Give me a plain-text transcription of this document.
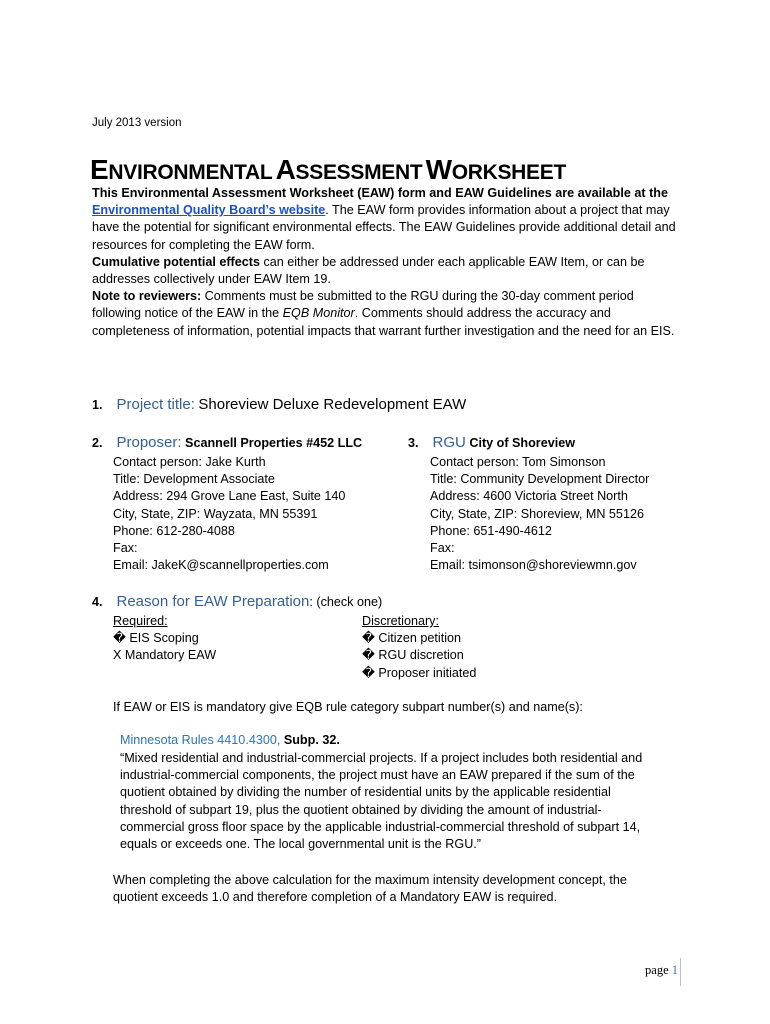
July 2013 version
ENVIRONMENTAL ASSESSMENT WORKSHEET
This Environmental Assessment Worksheet (EAW) form and EAW Guidelines are available at the Environmental Quality Board’s website. The EAW form provides information about a project that may have the potential for significant environmental effects. The EAW Guidelines provide additional detail and resources for completing the EAW form.
Cumulative potential effects can either be addressed under each applicable EAW Item, or can be addresses collectively under EAW Item 19.
Note to reviewers: Comments must be submitted to the RGU during the 30-day comment period following notice of the EAW in the EQB Monitor. Comments should address the accuracy and completeness of information, potential impacts that warrant further investigation and the need for an EIS.
1. Project title: Shoreview Deluxe Redevelopment EAW
2. Proposer: Scannell Properties #452 LLC
Contact person: Jake Kurth
Title: Development Associate
Address: 294 Grove Lane East, Suite 140
City, State, ZIP: Wayzata, MN 55391
Phone: 612-280-4088
Fax:
Email: JakeK@scannellproperties.com
3. RGU City of Shoreview
Contact person: Tom Simonson
Title: Community Development Director
Address: 4600 Victoria Street North
City, State, ZIP: Shoreview, MN 55126
Phone: 651-490-4612
Fax:
Email: tsimonson@shoreviewmn.gov
4. Reason for EAW Preparation: (check one)
Required:
� EIS Scoping
X Mandatory EAW
Discretionary:
� Citizen petition
� RGU discretion
� Proposer initiated
If EAW or EIS is mandatory give EQB rule category subpart number(s) and name(s):
Minnesota Rules 4410.4300, Subp. 32.
“Mixed residential and industrial-commercial projects. If a project includes both residential and industrial-commercial components, the project must have an EAW prepared if the sum of the quotient obtained by dividing the number of residential units by the applicable residential threshold of subpart 19, plus the quotient obtained by dividing the amount of industrial-commercial gross floor space by the applicable industrial-commercial threshold of subpart 14, equals or exceeds one. The local governmental unit is the RGU.”
When completing the above calculation for the maximum intensity development concept, the quotient exceeds 1.0 and therefore completion of a Mandatory EAW is required.
page 1
